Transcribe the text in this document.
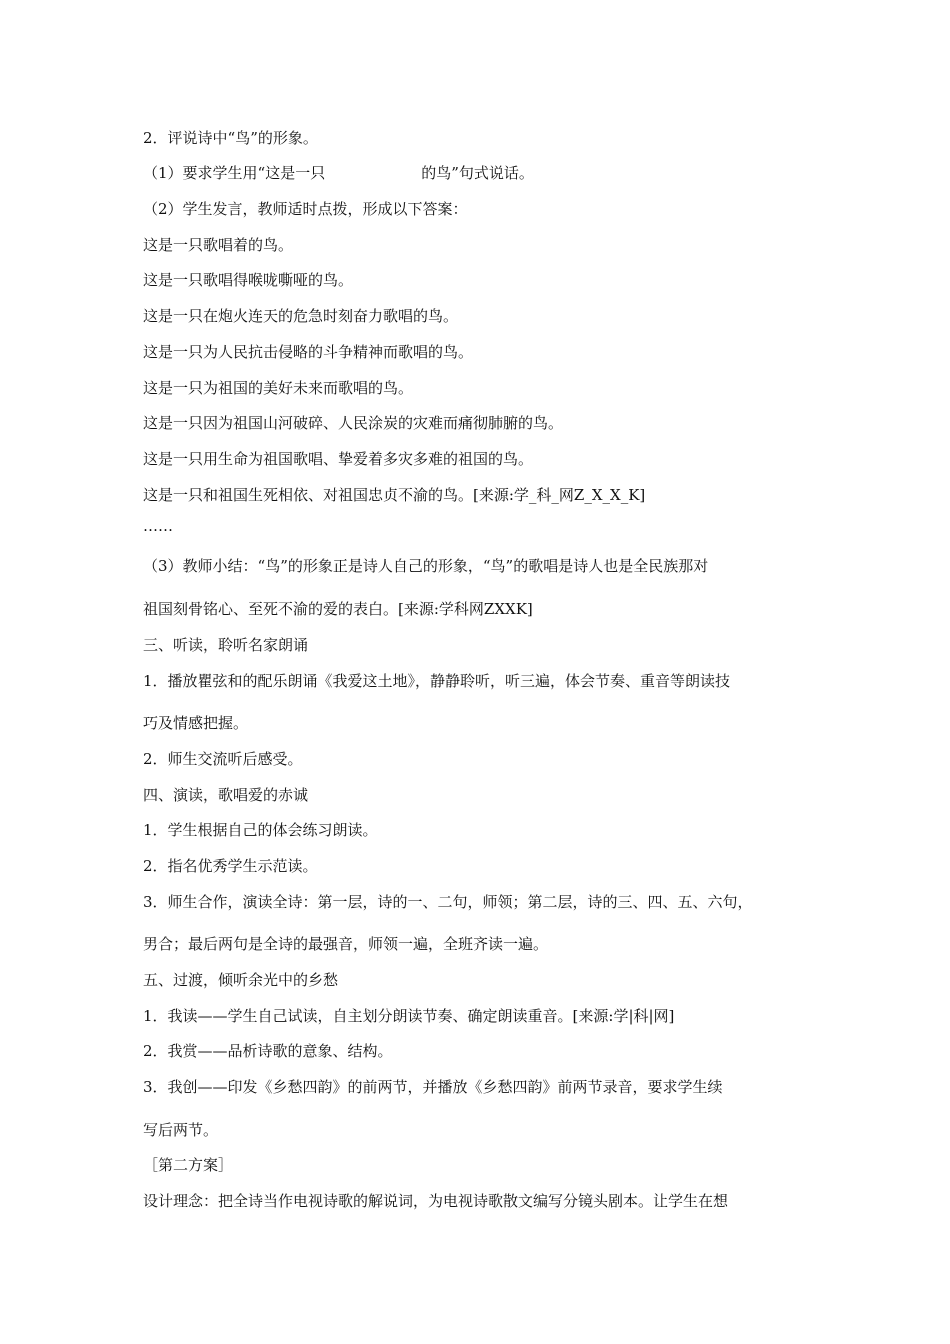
2．评说诗中“鸟”的形象。
（1）要求学生用“这是一只	的鸟”句式说话。
（2）学生发言，教师适时点拨，形成以下答案：
这是一只歌唱着的鸟。
这是一只歌唱得喉咙嘶哑的鸟。
这是一只在炮火连天的危急时刻奋力歌唱的鸟。
这是一只为人民抗击侵略的斗争精神而歌唱的鸟。
这是一只为祖国的美好未来而歌唱的鸟。
这是一只因为祖国山河破碎、人民涂炭的灾难而痛彻肺腑的鸟。
这是一只用生命为祖国歌唱、挚爱着多灾多难的祖国的鸟。
这是一只和祖国生死相依、对祖国忠贞不渝的鸟。[来源:学_科_网Z_X_X_K]
……
（3）教师小结：“鸟”的形象正是诗人自己的形象，“鸟”的歌唱是诗人也是全民族那对
祖国刻骨铭心、至死不渝的爱的表白。[来源:学科网ZXXK]
三、听读，聆听名家朗诵
1．播放瞿弦和的配乐朗诵《我爱这土地》，静静聆听，听三遍，体会节奏、重音等朗读技
巧及情感把握。
2．师生交流听后感受。
四、演读，歌唱爱的赤诚
1．学生根据自己的体会练习朗读。
2．指名优秀学生示范读。
3．师生合作，演读全诗：第一层，诗的一、二句，师领；第二层，诗的三、四、五、六句，
男合；最后两句是全诗的最强音，师领一遍，全班齐读一遍。
五、过渡，倾听余光中的乡愁
1．我读——学生自己试读，自主划分朗读节奏、确定朗读重音。[来源:学|科|网]
2．我赏——品析诗歌的意象、结构。
3．我创——印发《乡愁四韵》的前两节，并播放《乡愁四韵》前两节录音，要求学生续
写后两节。
［第二方案］
设计理念：把全诗当作电视诗歌的解说词，为电视诗歌散文编写分镜头剧本。让学生在想
